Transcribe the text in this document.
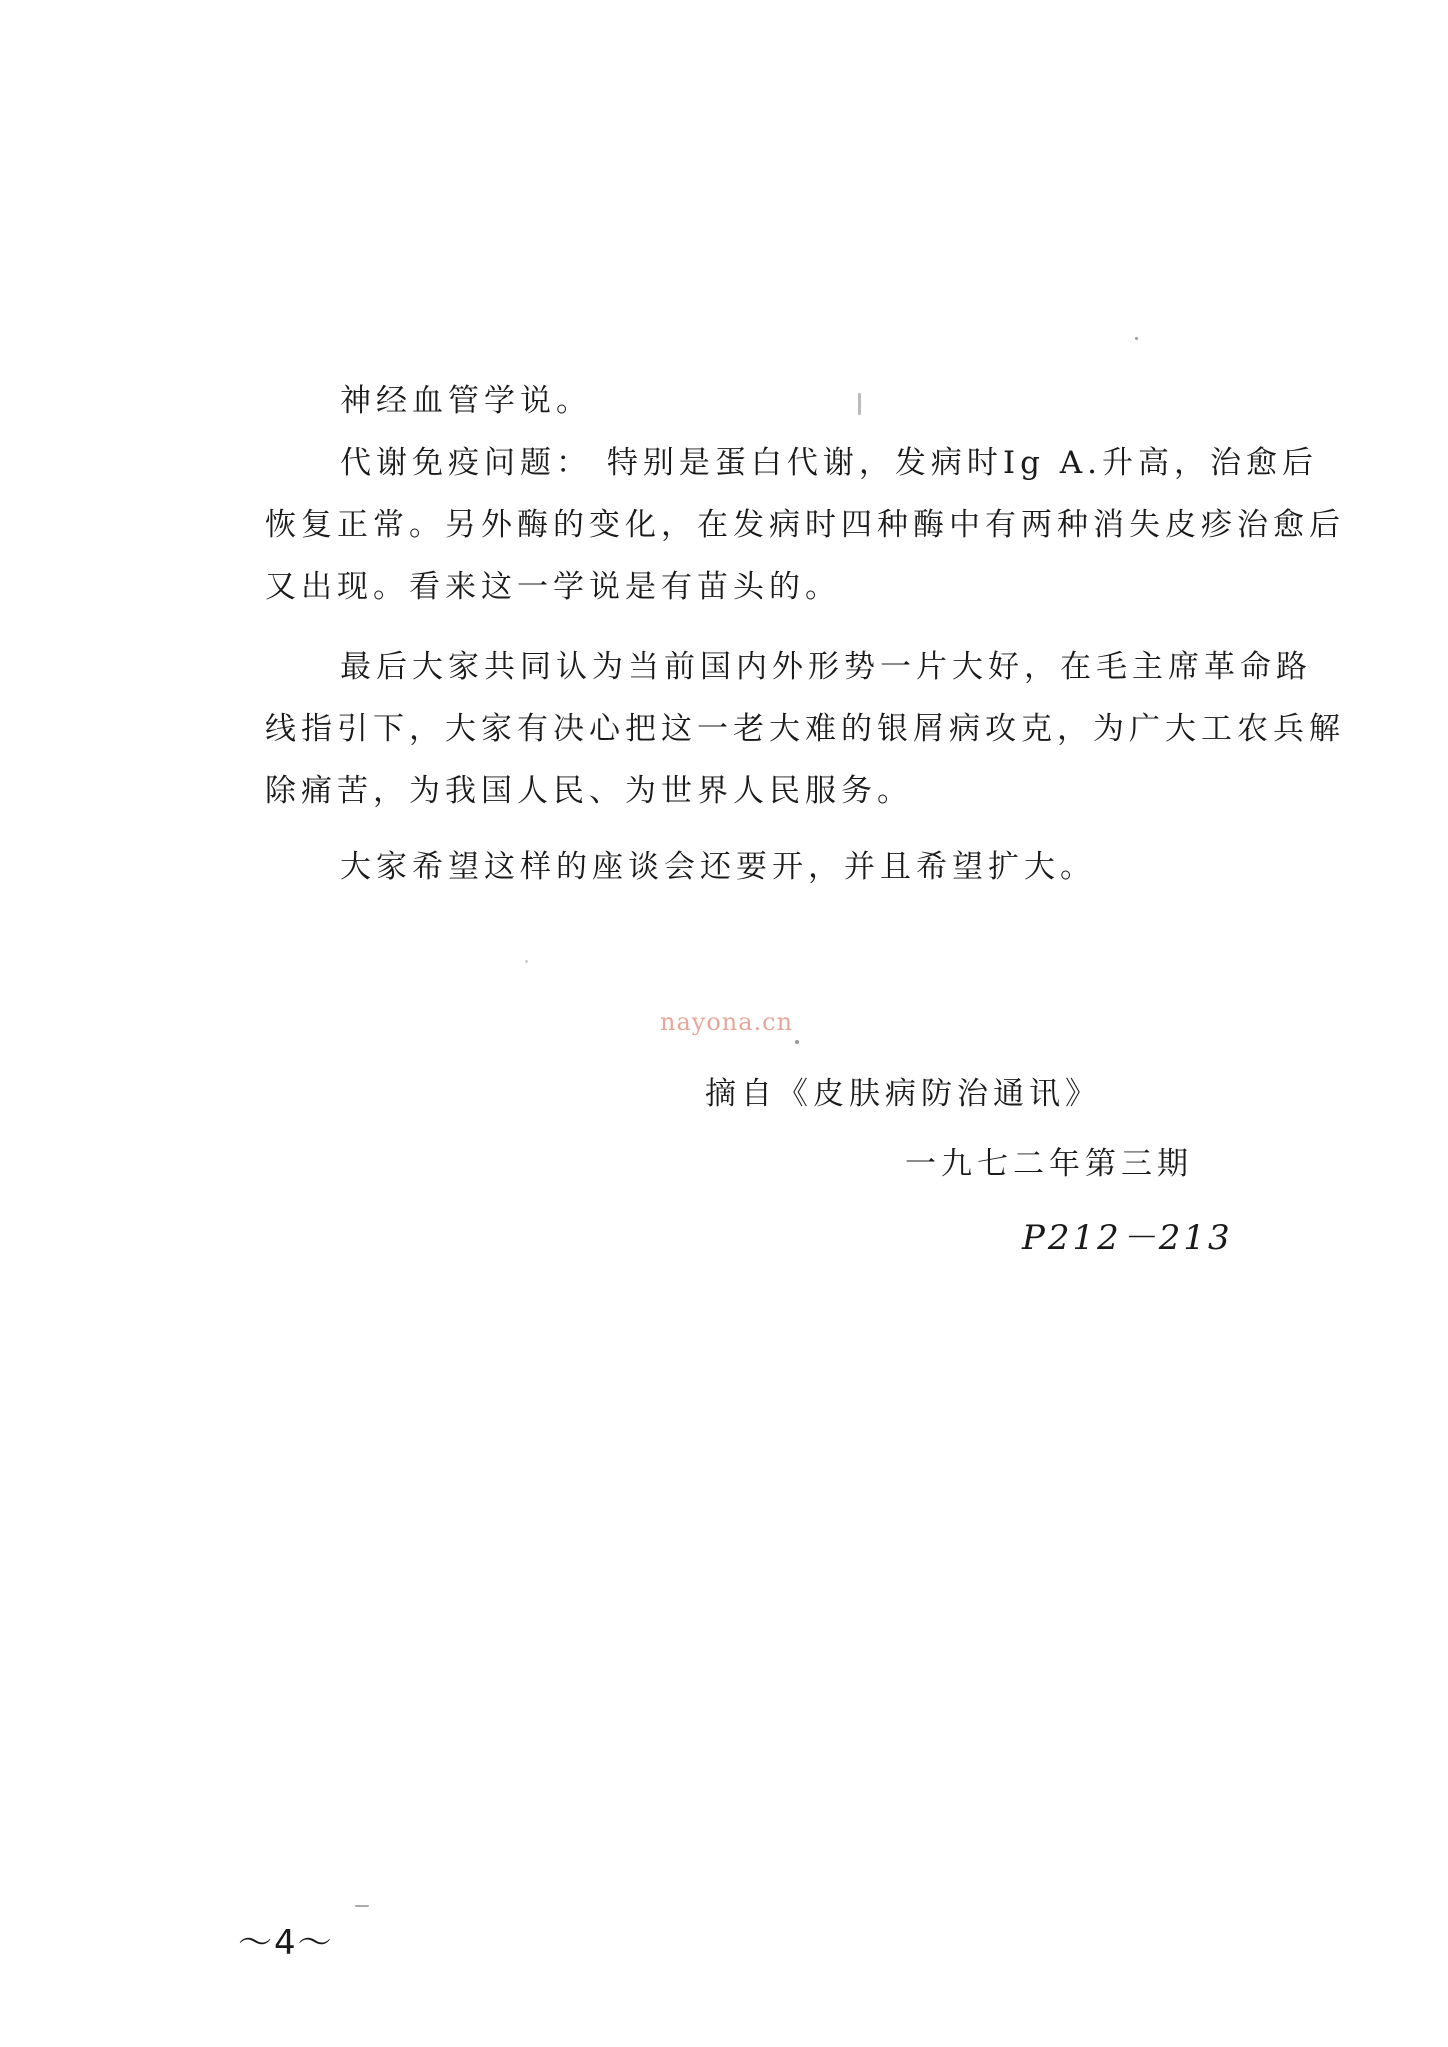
神经血管学说。
代谢免疫问题： 特别是蛋白代谢，发病时Ig A.升高，治愈后恢复正常。另外酶的变化，在发病时四种酶中有两种消失皮疹治愈后又出现。看来这一学说是有苗头的。
最后大家共同认为当前国内外形势一片大好，在毛主席革命路线指引下，大家有决心把这一老大难的银屑病攻克，为广大工农兵解除痛苦，为我国人民、为世界人民服务。
大家希望这样的座谈会还要开，并且希望扩大。
nayona.cn
摘自《皮肤病防治通讯》
一九七二年第三期
P212－213
～4～
